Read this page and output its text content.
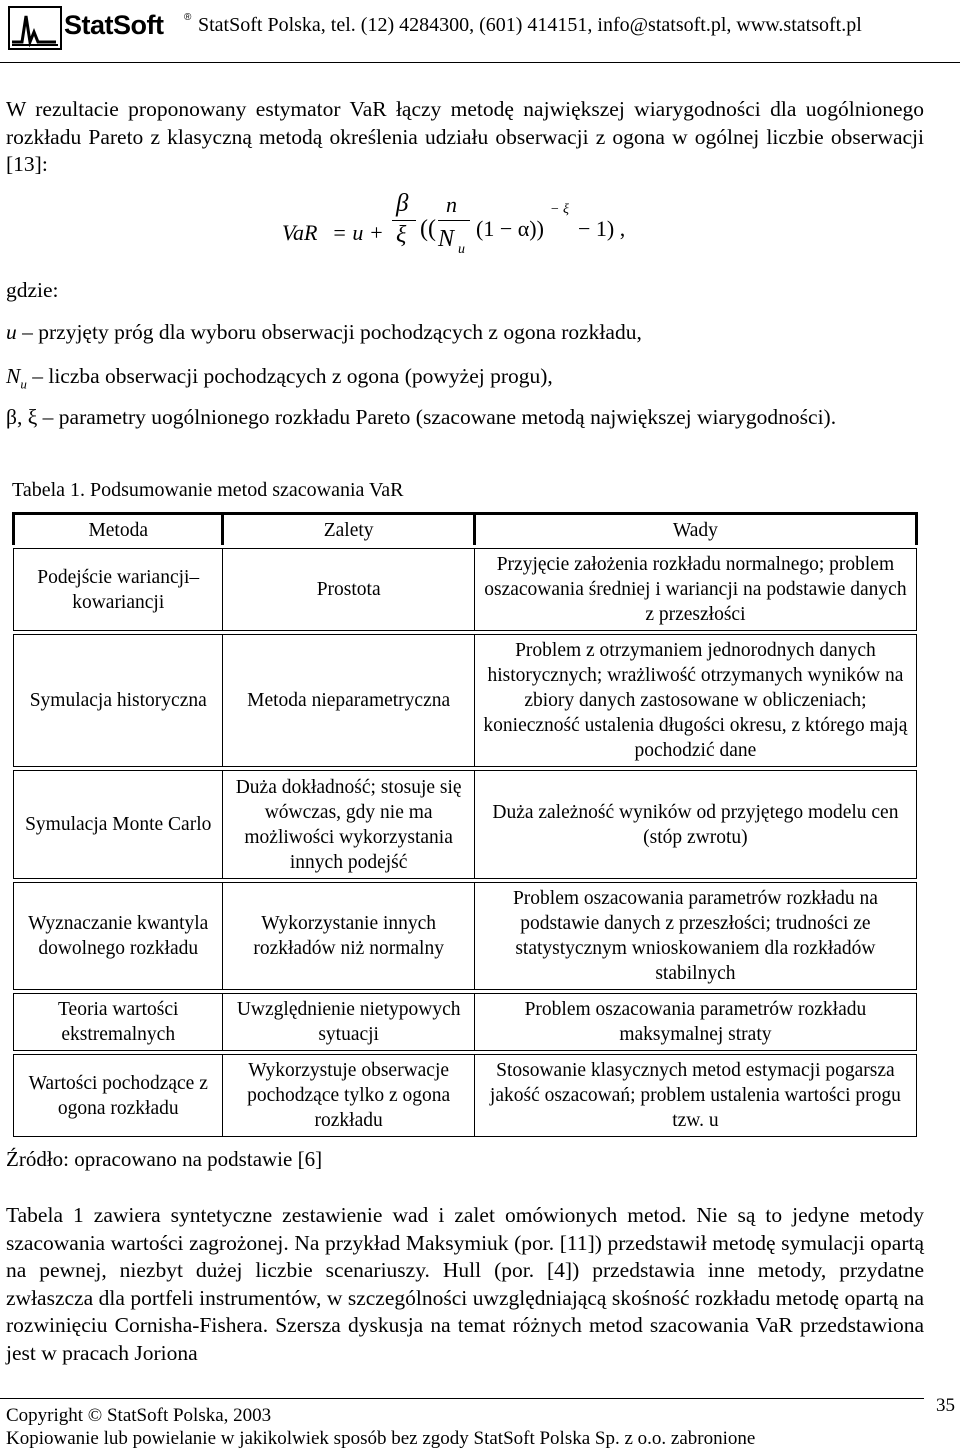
StatSoft ® StatSoft Polska, tel. (12) 4284300, (601) 414151, info@statsoft.pl, www.statsoft.pl
W rezultacie proponowany estymator VaR łączy metodę największej wiarygodności dla uogólnionego rozkładu Pareto z klasyczną metodą określenia udziału obserwacji z ogona w ogólnej liczbie obserwacji [13]:
VaR = u +
β
ξ ((
n
N u
(1 − α))
− ξ
− 1) ,
gdzie:
u – przyjęty próg dla wyboru obserwacji pochodzących z ogona rozkładu,
$N_u$ – liczba obserwacji pochodzących z ogona (powyżej progu),
β, ξ – parametry uogólnionego rozkładu Pareto (szacowane metodą największej wiarygodności).
Tabela 1. Podsumowanie metod szacowania VaR
Metoda	Zalety	Wady

Podejście wariancji–kowariancji	Prostota	Przyjęcie założenia rozkładu normalnego; problem oszacowania średniej i wariancji na podstawie danych z przeszłości

Symulacja historyczna	Metoda nieparametryczna	Problem z otrzymaniem jednorodnych danych historycznych; wrażliwość otrzymanych wyników na zbiory danych zastosowane w obliczeniach; konieczność ustalenia długości okresu, z którego mają pochodzić dane

Symulacja Monte Carlo	Duża dokładność; stosuje się wówczas, gdy nie ma możliwości wykorzystania innych podejść	Duża zależność wyników od przyjętego modelu cen (stóp zwrotu)

Wyznaczanie kwantyla dowolnego rozkładu	Wykorzystanie innych rozkładów niż normalny	Problem oszacowania parametrów rozkładu na podstawie danych z przeszłości; trudności ze statystycznym wnioskowaniem dla rozkładów stabilnych

Teoria wartości ekstremalnych	Uwzględnienie nietypowych sytuacji	Problem oszacowania parametrów rozkładu maksymalnej straty

Wartości pochodzące z ogona rozkładu	Wykorzystuje obserwacje pochodzące tylko z ogona rozkładu	Stosowanie klasycznych metod estymacji pogarsza jakość oszacowań; problem ustalenia wartości progu tzw. u
Źródło: opracowano na podstawie [6]
Tabela 1 zawiera syntetyczne zestawienie wad i zalet omówionych metod. Nie są to jedyne metody szacowania wartości zagrożonej. Na przykład Maksymiuk (por. [11]) przedstawił metodę symulacji opartą na pewnej, niezbyt dużej liczbie scenariuszy. Hull (por. [4]) przedstawia inne metody, przydatne zwłaszcza dla portfeli instrumentów, w szczególności uwzględniającą skośność rozkładu metodę opartą na rozwinięciu Cornisha-Fishera. Szersza dyskusja na temat różnych metod szacowania VaR przedstawiona jest w pracach Joriona
Copyright © StatSoft Polska, 2003
Kopiowanie lub powielanie w jakikolwiek sposób bez zgody StatSoft Polska Sp. z o.o. zabronione
35
